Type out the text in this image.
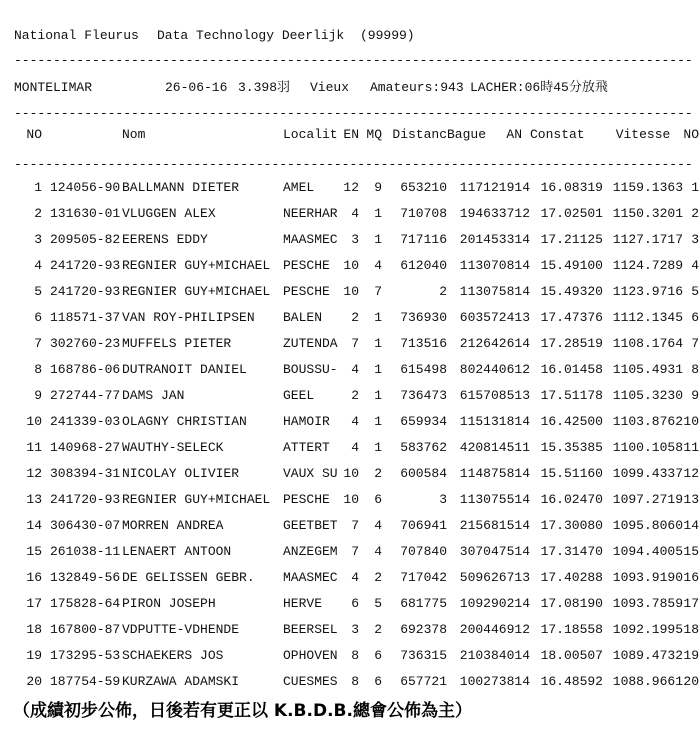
National Fleurus Data Technology Deerlijk (99999)
---------------------------------------------------------------------------------------
MONTELIMAR	26-06-16 3.398羽 Vieux Amateurs:943 LACHER:06時45分放飛
---------------------------------------------------------------------------------------
NO	Nom	Localit EN MQ Distanc Bague AN Constat	Vitesse	NO
---------------------------------------------------------------------------------------
1 124056-90 BALLMANN DIETER	AMEL	12	9	653210 117121914 16.08319 1159.1363 1
2 131630-01 VLUGGEN ALEX	NEERHAR	4	1	710708 194633712 17.02501 1150.3201 2
3 209505-82 EERENS EDDY	MAASMEC	3	1	717116 201453314 17.21125 1127.1717 3
4 241720-93 REGNIER GUY+MICHAEL PESCHE	10	4	612040 113070814 15.49100 1124.7289 4
5 241720-93 REGNIER GUY+MICHAEL PESCHE	10	7	2 113075814 15.49320 1123.9716 5
6 118571-37 VAN ROY-PHILIPSEN	BALEN	2	1	736930 603572413 17.47376 1112.1345 6
7 302760-23 MUFFELS PIETER	ZUTENDA	7	1	713516 212642614 17.28519 1108.1764 7
8 168786-06 DUTRANOIT DANIEL	BOUSSU-	4	1	615498 802440612 16.01458 1105.4931 8
9 272744-77 DAMS JAN	GEEL	2	1	736473 615708513 17.51178 1105.3230 9
10 241339-03 OLAGNY CHRISTIAN	HAMOIR	4	1	659934 115131814 16.42500 1103.8762 10
11 140968-27 WAUTHY-SELECK	ATTERT	4	1	583762 420814511 15.35385 1100.1058 11
12 308394-31 NICOLAY OLIVIER	VAUX SU 10	2	600584 114875814 15.51160 1099.4337 12
13 241720-93 REGNIER GUY+MICHAEL PESCHE	10	6	3 113075514 16.02470 1097.2719 13
14 306430-07 MORREN ANDREA	GEETBET	7	4	706941 215681514 17.30080 1095.8060 14
15 261038-11 LENAERT ANTOON	ANZEGEM	7	4	707840 307047514 17.31470 1094.4005 15
16 132849-56 DE GELISSEN GEBR.	MAASMEC	4	2	717042 509626713 17.40288 1093.9190 16
17 175828-64 PIRON JOSEPH	HERVE	6	5	681775 109290214 17.08190 1093.7859 17
18 167800-87 VDPUTTE-VDHENDE	BEERSEL	3	2	692378 200446912 17.18558 1092.1995 18
19 173295-53 SCHAEKERS JOS	OPHOVEN	8	6	736315 210384014 18.00507 1089.4732 19
20 187754-59 KURZAWA ADAMSKI	CUESMES	8	6	657721 100273814 16.48592 1088.9661 20
（成績初步公佈，日後若有更正以 K.B.D.B.總會公佈為主）
